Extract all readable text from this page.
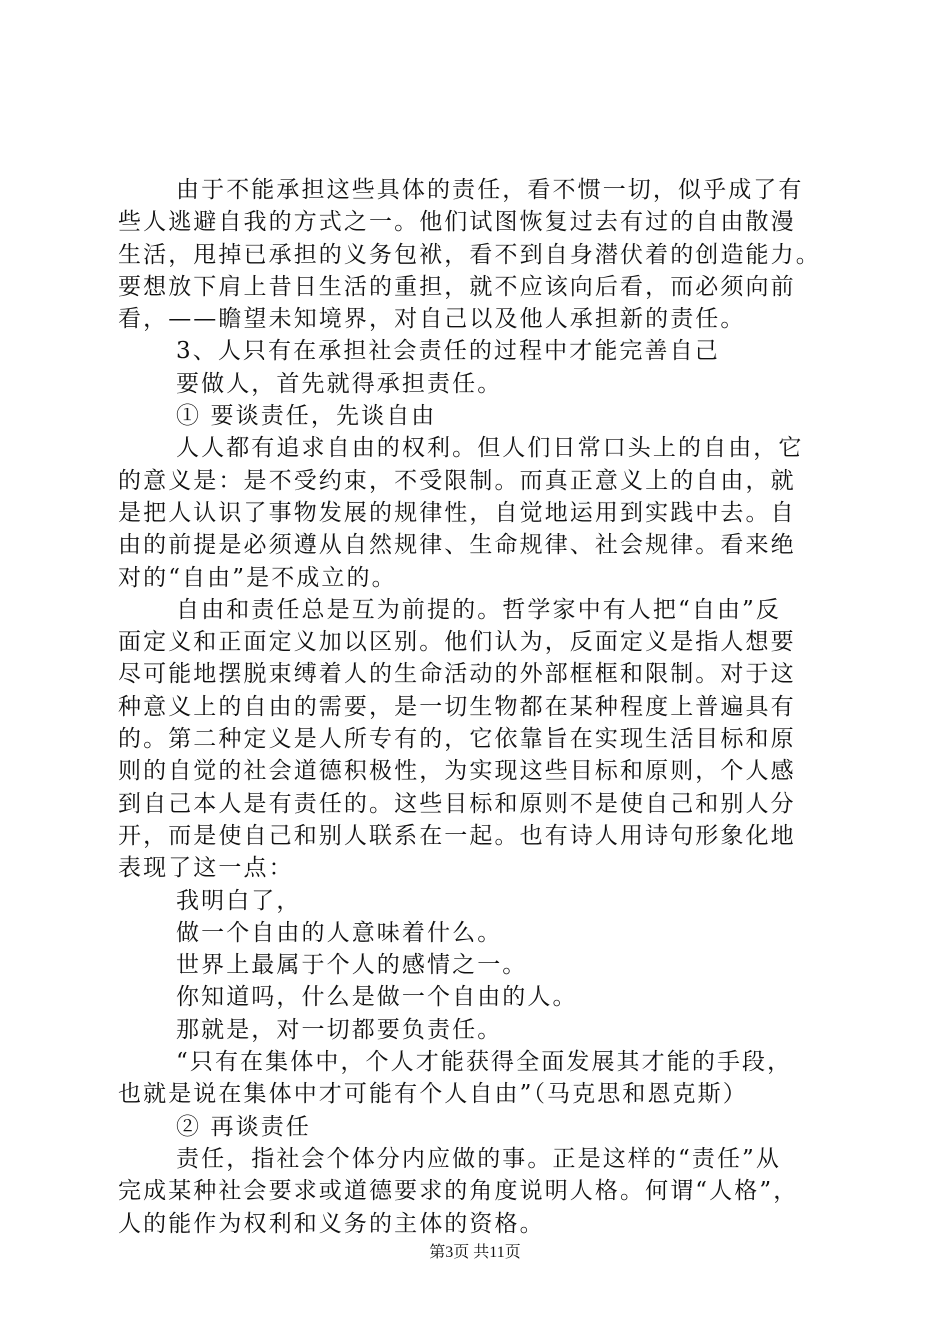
由于不能承担这些具体的责任，看不惯一切，似乎成了有
些人逃避自我的方式之一。他们试图恢复过去有过的自由散漫
生活，甩掉已承担的义务包袱，看不到自身潜伏着的创造能力。
要想放下肩上昔日生活的重担，就不应该向后看，而必须向前
看，——瞻望未知境界，对自己以及他人承担新的责任。
3、人只有在承担社会责任的过程中才能完善自己
要做人，首先就得承担责任。
① 要谈责任，先谈自由
人人都有追求自由的权利。但人们日常口头上的自由，它
的意义是：是不受约束，不受限制。而真正意义上的自由，就
是把人认识了事物发展的规律性，自觉地运用到实践中去。自
由的前提是必须遵从自然规律、生命规律、社会规律。看来绝
对的“自由”是不成立的。
自由和责任总是互为前提的。哲学家中有人把“自由”反
面定义和正面定义加以区别。他们认为，反面定义是指人想要
尽可能地摆脱束缚着人的生命活动的外部框框和限制。对于这
种意义上的自由的需要，是一切生物都在某种程度上普遍具有
的。第二种定义是人所专有的，它依靠旨在实现生活目标和原
则的自觉的社会道德积极性，为实现这些目标和原则，个人感
到自己本人是有责任的。这些目标和原则不是使自己和别人分
开，而是使自己和别人联系在一起。也有诗人用诗句形象化地
表现了这一点：
我明白了，
做一个自由的人意味着什么。
世界上最属于个人的感情之一。
你知道吗，什么是做一个自由的人。
那就是，对一切都要负责任。
“只有在集体中，个人才能获得全面发展其才能的手段，
也就是说在集体中才可能有个人自由”（马克思和恩克斯）
② 再谈责任
责任，指社会个体分内应做的事。正是这样的“责任”从
完成某种社会要求或道德要求的角度说明人格。何谓“人格”，
人的能作为权利和义务的主体的资格。
第3页 共11页
